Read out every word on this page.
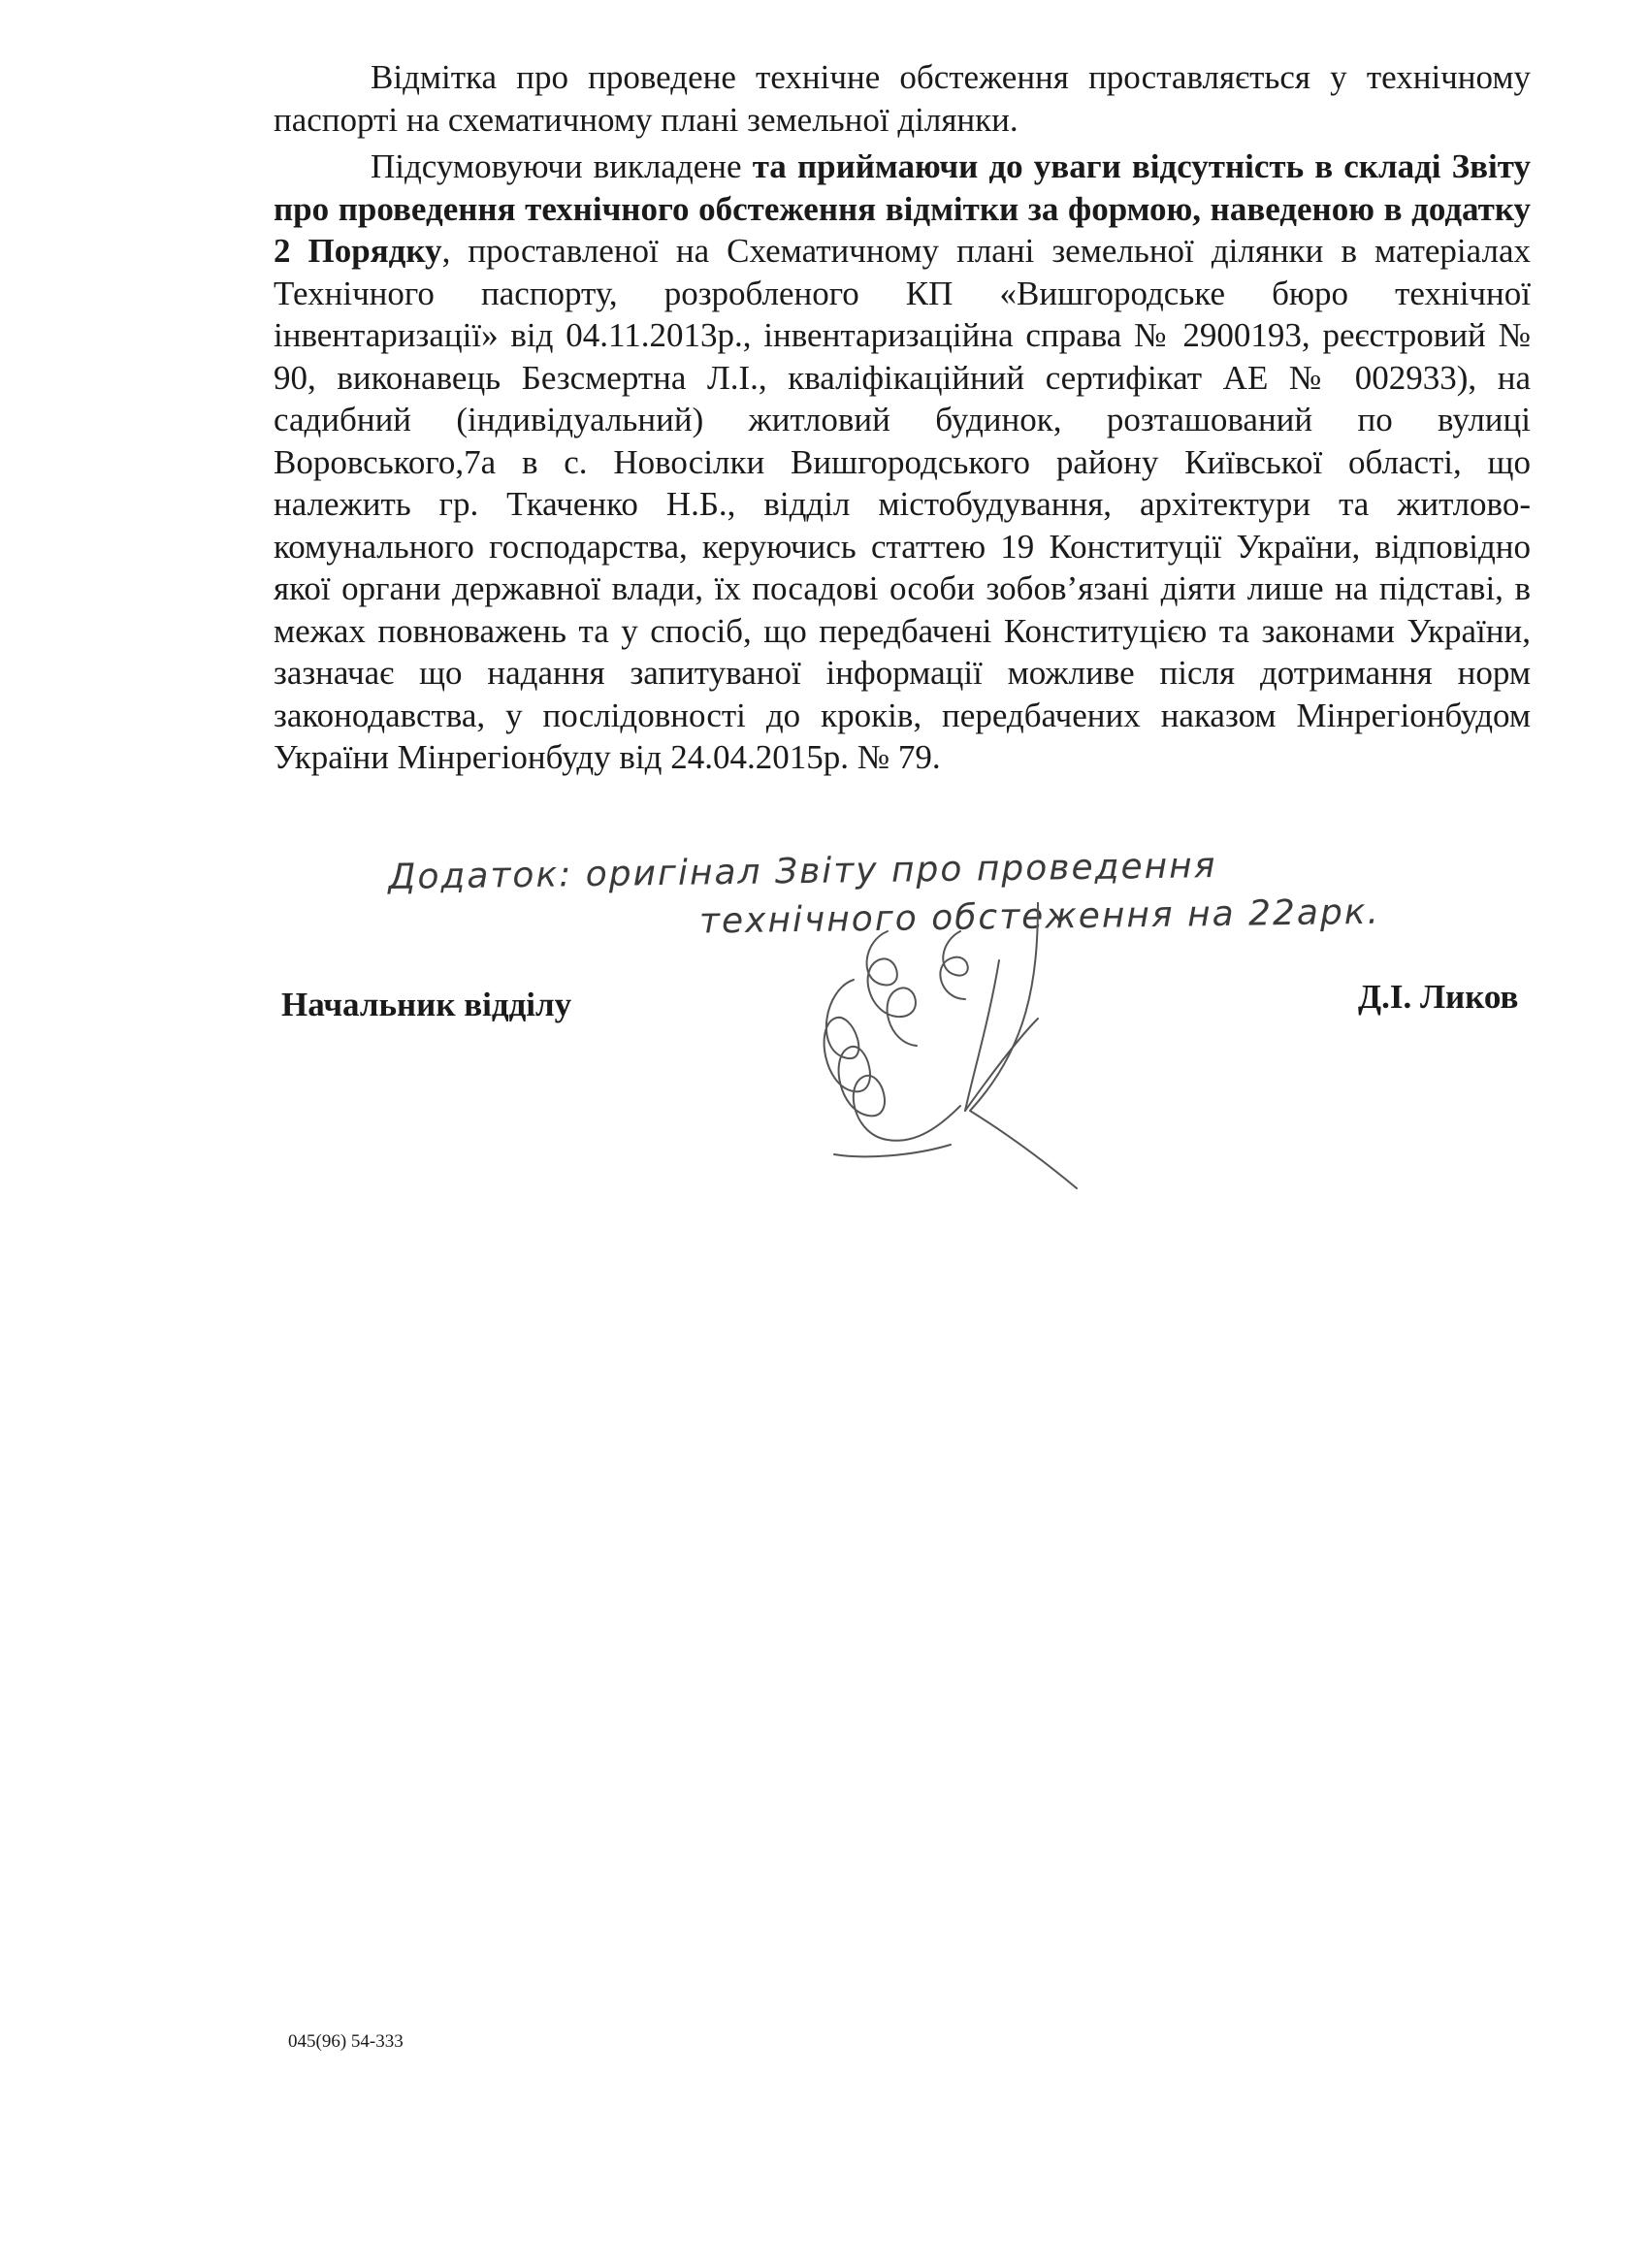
Відмітка про проведене технічне обстеження проставляється у технічному паспорті на схематичному плані земельної ділянки.

Підсумовуючи викладене та приймаючи до уваги відсутність в складі Звіту про проведення технічного обстеження відмітки за формою, наведеною в додатку 2 Порядку, проставленої на Схематичному плані земельної ділянки в матеріалах Технічного паспорту, розробленого КП «Вишгородське бюро технічної інвентаризації» від 04.11.2013р., інвентаризаційна справа № 2900193, реєстровий № 90, виконавець Безсмертна Л.І., кваліфікаційний сертифікат АЕ № 002933), на садибний (індивідуальний) житловий будинок, розташований по вулиці Воровського,7а в с. Новосілки Вишгородського району Київської області, що належить гр. Ткаченко Н.Б., відділ містобудування, архітектури та житлово-комунального господарства, керуючись статтею 19 Конституції України, відповідно якої органи державної влади, їх посадові особи зобов’язані діяти лише на підставі, в межах повноважень та у спосіб, що передбачені Конституцією та законами України, зазначає що надання запитуваної інформації можливе після дотримання норм законодавства, у послідовності до кроків, передбачених наказом Мінрегіонбудом України Мінрегіонбуду від 24.04.2015р. № 79.

Додаток: оригінал Звіту про проведення
технічного обстеження на 22арк.
Начальник відділу	Д.І. Ликов
045(96) 54-333
